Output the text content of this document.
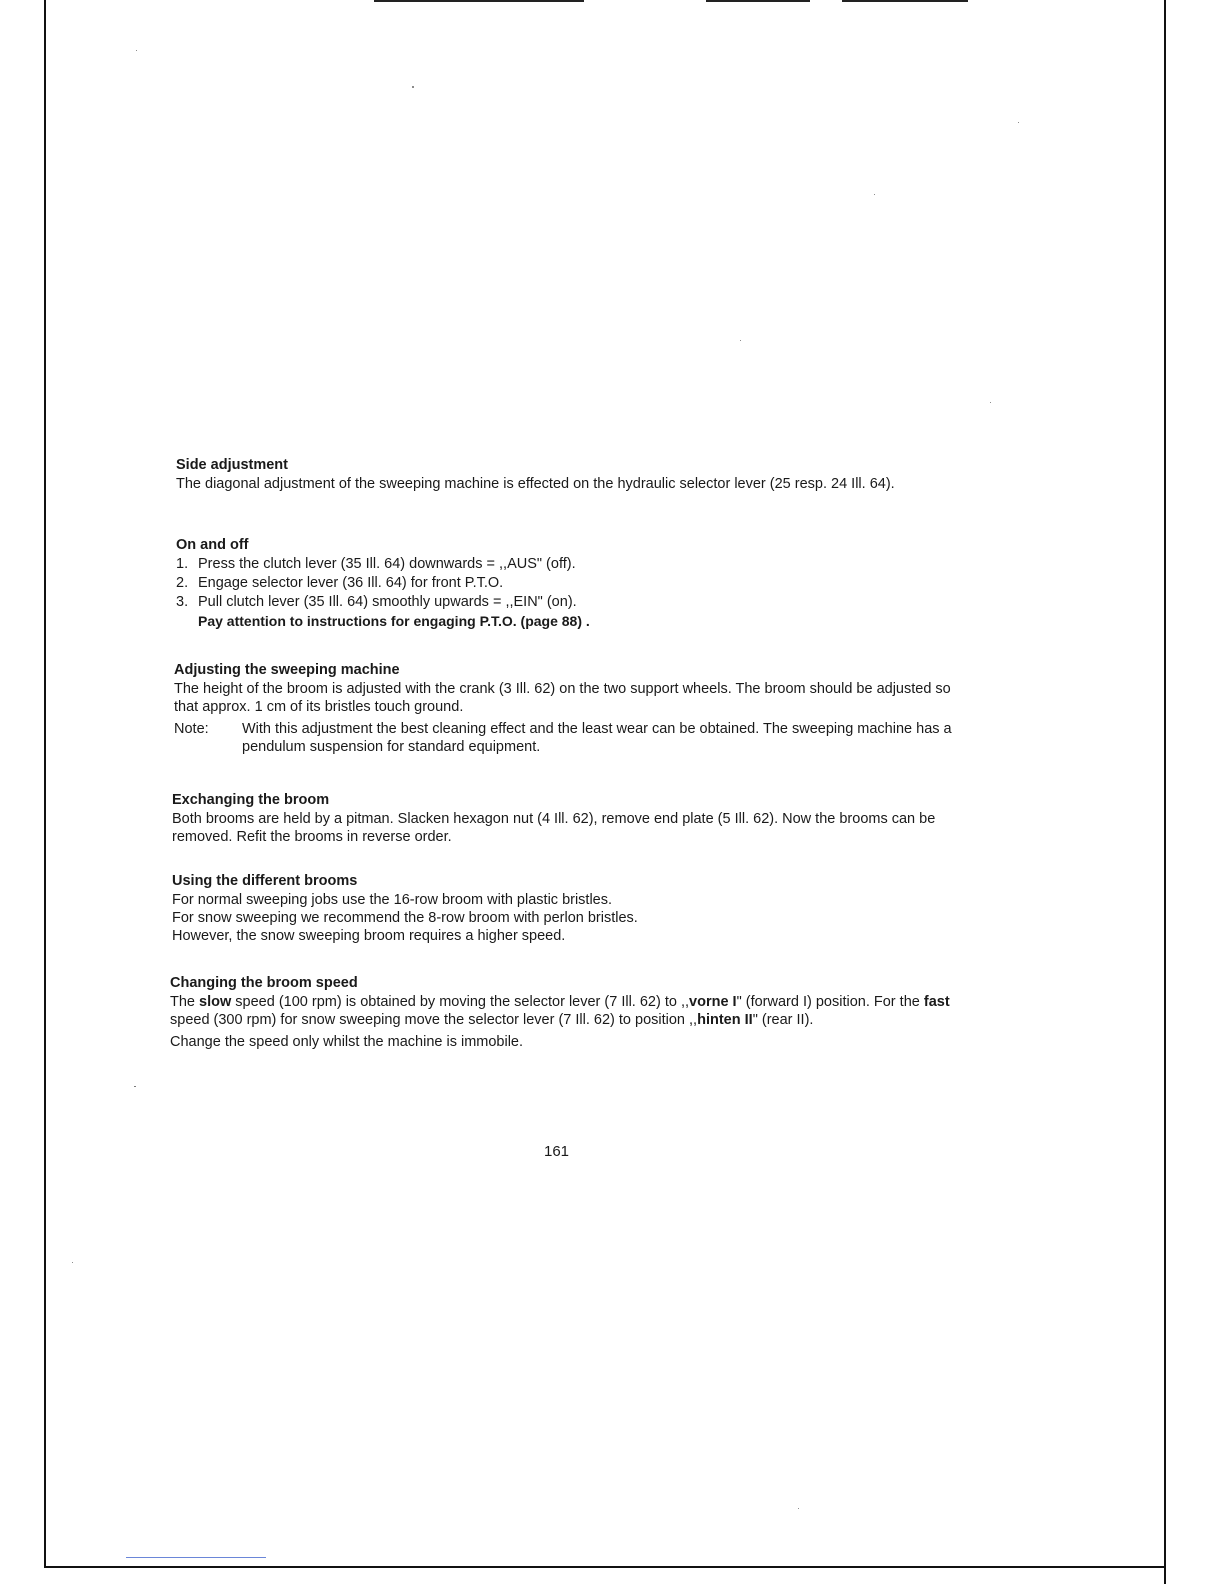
Side adjustment

The diagonal adjustment of the sweeping machine is effected on the hydraulic selector lever (25 resp. 24 Ill. 64).

On and off
1. Press the clutch lever (35 Ill. 64) downwards = ,,AUS" (off).
2. Engage selector lever (36 Ill. 64) for front P.T.O.
3. Pull clutch lever (35 Ill. 64) smoothly upwards = ,,EIN" (on).
Pay attention to instructions for engaging P.T.O. (page 88) .
Adjusting the sweeping machine

The height of the broom is adjusted with the crank (3 Ill. 62) on the two support wheels. The broom should be adjusted so that approx. 1 cm of its bristles touch ground.

Note:	With this adjustment the best cleaning effect and the least wear can be obtained. The sweeping machine has a pendulum suspension for standard equipment.
Exchanging the broom

Both brooms are held by a pitman. Slacken hexagon nut (4 Ill. 62), remove end plate (5 Ill. 62). Now the brooms can be removed. Refit the brooms in reverse order.

Using the different brooms

For normal sweeping jobs use the 16-row broom with plastic bristles.

For snow sweeping we recommend the 8-row broom with perlon bristles.

However, the snow sweeping broom requires a higher speed.

Changing the broom speed

The slow speed (100 rpm) is obtained by moving the selector lever (7 Ill. 62) to ,,vorne I" (forward I) position. For the fast speed (300 rpm) for snow sweeping move the selector lever (7 Ill. 62) to position ,,hinten II" (rear II).

Change the speed only whilst the machine is immobile.

161
